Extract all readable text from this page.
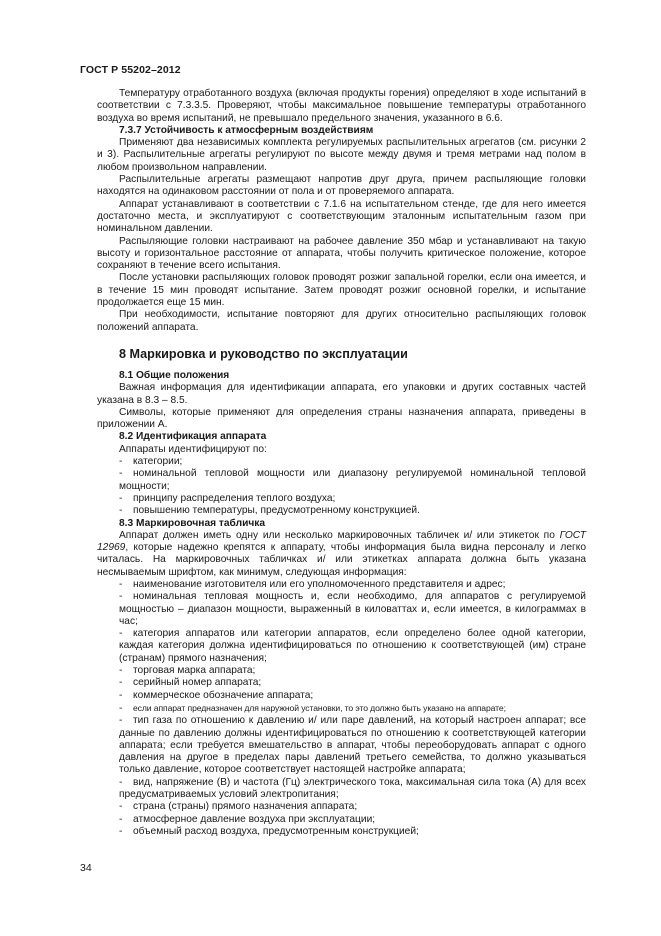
ГОСТ Р 55202–2012

Температуру отработанного воздуха (включая продукты горения) определяют в ходе испытаний в соответствии с 7.3.3.5. Проверяют, чтобы максимальное повышение температуры отработанного воздуха во время испытаний, не превышало предельного значения, указанного в 6.6.

7.3.7 Устойчивость к атмосферным воздействиям

Применяют два независимых комплекта регулируемых распылительных агрегатов (см. рисунки 2 и 3). Распылительные агрегаты регулируют по высоте между двумя и тремя метрами над полом в любом произвольном направлении.

Распылительные агрегаты размещают напротив друг друга, причем распыляющие головки находятся на одинаковом расстоянии от пола и от проверяемого аппарата.

Аппарат устанавливают в соответствии с 7.1.6 на испытательном стенде, где для него имеется достаточно места, и эксплуатируют с соответствующим эталонным испытательным газом при номинальном давлении.

Распыляющие головки настраивают на рабочее давление 350 мбар и устанавливают на такую высоту и горизонтальное расстояние от аппарата, чтобы получить критическое положение, которое сохраняют в течение всего испытания.

После установки распыляющих головок проводят розжиг запальной горелки, если она имеется, и в течение 15 мин проводят испытание. Затем проводят розжиг основной горелки, и испытание продолжается еще 15 мин.

При необходимости, испытание повторяют для других относительно распыляющих головок положений аппарата.

8 Маркировка и руководство по эксплуатации

8.1 Общие положения

Важная информация для идентификации аппарата, его упаковки и других составных частей указана в 8.3 – 8.5.

Символы, которые применяют для определения страны назначения аппарата, приведены в приложении А.

8.2 Идентификация аппарата

Аппараты идентифицируют по:

- категории;

- номинальной тепловой мощности или диапазону регулируемой номинальной тепловой мощности;

- принципу распределения теплого воздуха;

- повышению температуры, предусмотренному конструкцией.

8.3 Маркировочная табличка

Аппарат должен иметь одну или несколько маркировочных табличек и/ или этикеток по ГОСТ 12969, которые надежно крепятся к аппарату, чтобы информация была видна персоналу и легко читалась. На маркировочных табличках и/ или этикетках аппарата должна быть указана несмываемым шрифтом, как минимум, следующая информация:

- наименование изготовителя или его уполномоченного представителя и адрес;

- номинальная тепловая мощность и, если необходимо, для аппаратов с регулируемой мощностью – диапазон мощности, выраженный в киловаттах и, если имеется, в килограммах в час;

- категория аппаратов или категории аппаратов, если определено более одной категории, каждая категория должна идентифицироваться по отношению к соответствующей (им) стране (странам) прямого назначения;

- торговая марка аппарата;

- серийный номер аппарата;

- коммерческое обозначение аппарата;

- если аппарат предназначен для наружной установки, то это должно быть указано на аппарате;

- тип газа по отношению к давлению и/ или паре давлений, на который настроен аппарат; все данные по давлению должны идентифицироваться по отношению к соответствующей категории аппарата; если требуется вмешательство в аппарат, чтобы переоборудовать аппарат с одного давления на другое в пределах пары давлений третьего семейства, то должно указываться только давление, которое соответствует настоящей настройке аппарата;

- вид, напряжение (В) и частота (Гц) электрического тока, максимальная сила тока (А) для всех предусматриваемых условий электропитания;

- страна (страны) прямого назначения аппарата;

- атмосферное давление воздуха при эксплуатации;

- объемный расход воздуха, предусмотренным конструкцией;

34
